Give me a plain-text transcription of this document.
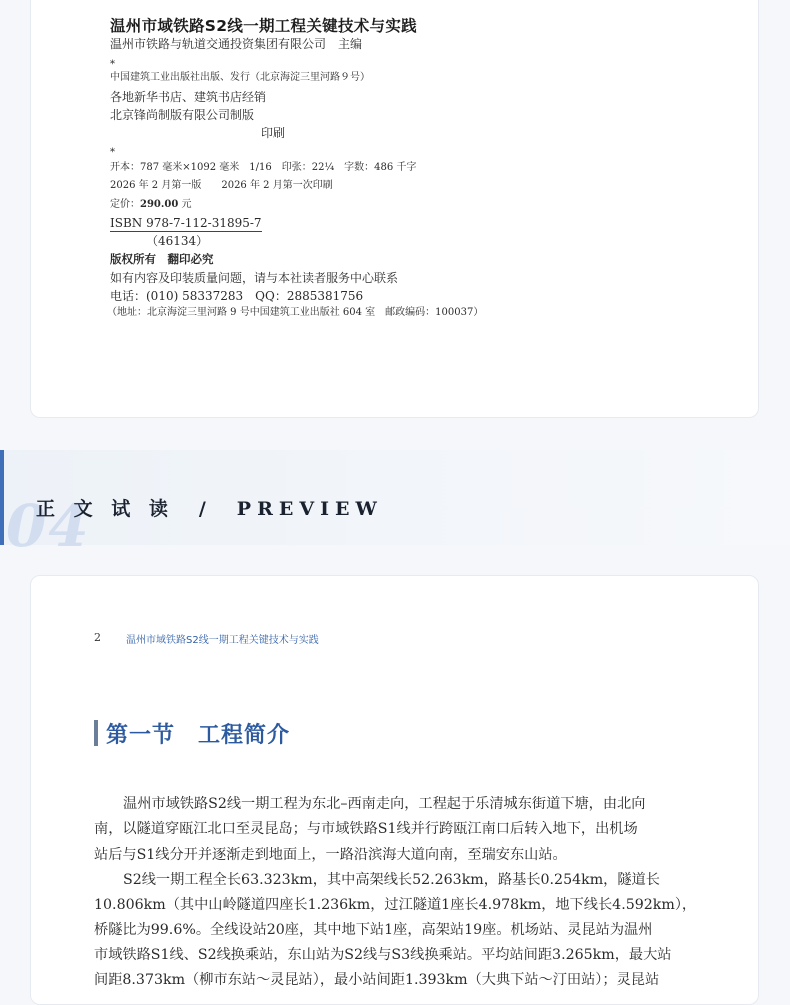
温州市域铁路S2线一期工程关键技术与实践
温州市铁路与轨道交通投资集团有限公司　主编
*
中国建筑工业出版社出版、发行（北京海淀三里河路９号）
各地新华书店、建筑书店经销
北京锋尚制版有限公司制版
印刷
*
开本：787 毫米×1092 毫米　1/16　印张：22¼　字数：486 千字
2026 年 2 月第一版　　2026 年 2 月第一次印刷
定价：290.00 元
ISBN 978-7-112-31895-7
（46134）
版权所有　翻印必究
如有内容及印装质量问题，请与本社读者服务中心联系
电话：(010) 58337283　QQ：2885381756
（地址：北京海淀三里河路 9 号中国建筑工业出版社 604 室　邮政编码：100037）
04
正 文 试 读　/　PREVIEW
2	温州市域铁路S2线一期工程关键技术与实践
第一节　工程简介
温州市域铁路S2线一期工程为东北–西南走向，工程起于乐清城东街道下塘，由北向
南，以隧道穿瓯江北口至灵昆岛；与市域铁路S1线并行跨瓯江南口后转入地下，出机场
站后与S1线分开并逐渐走到地面上，一路沿滨海大道向南，至瑞安东山站。
S2线一期工程全长63.323km，其中高架线长52.263km，路基长0.254km，隧道长
10.806km（其中山岭隧道四座长1.236km，过江隧道1座长4.978km，地下线长4.592km），
桥隧比为99.6%。全线设站20座，其中地下站1座，高架站19座。机场站、灵昆站为温州
市域铁路S1线、S2线换乘站，东山站为S2线与S3线换乘站。平均站间距3.265km，最大站
间距8.373km（柳市东站～灵昆站），最小站间距1.393km（大典下站～汀田站）；灵昆站
